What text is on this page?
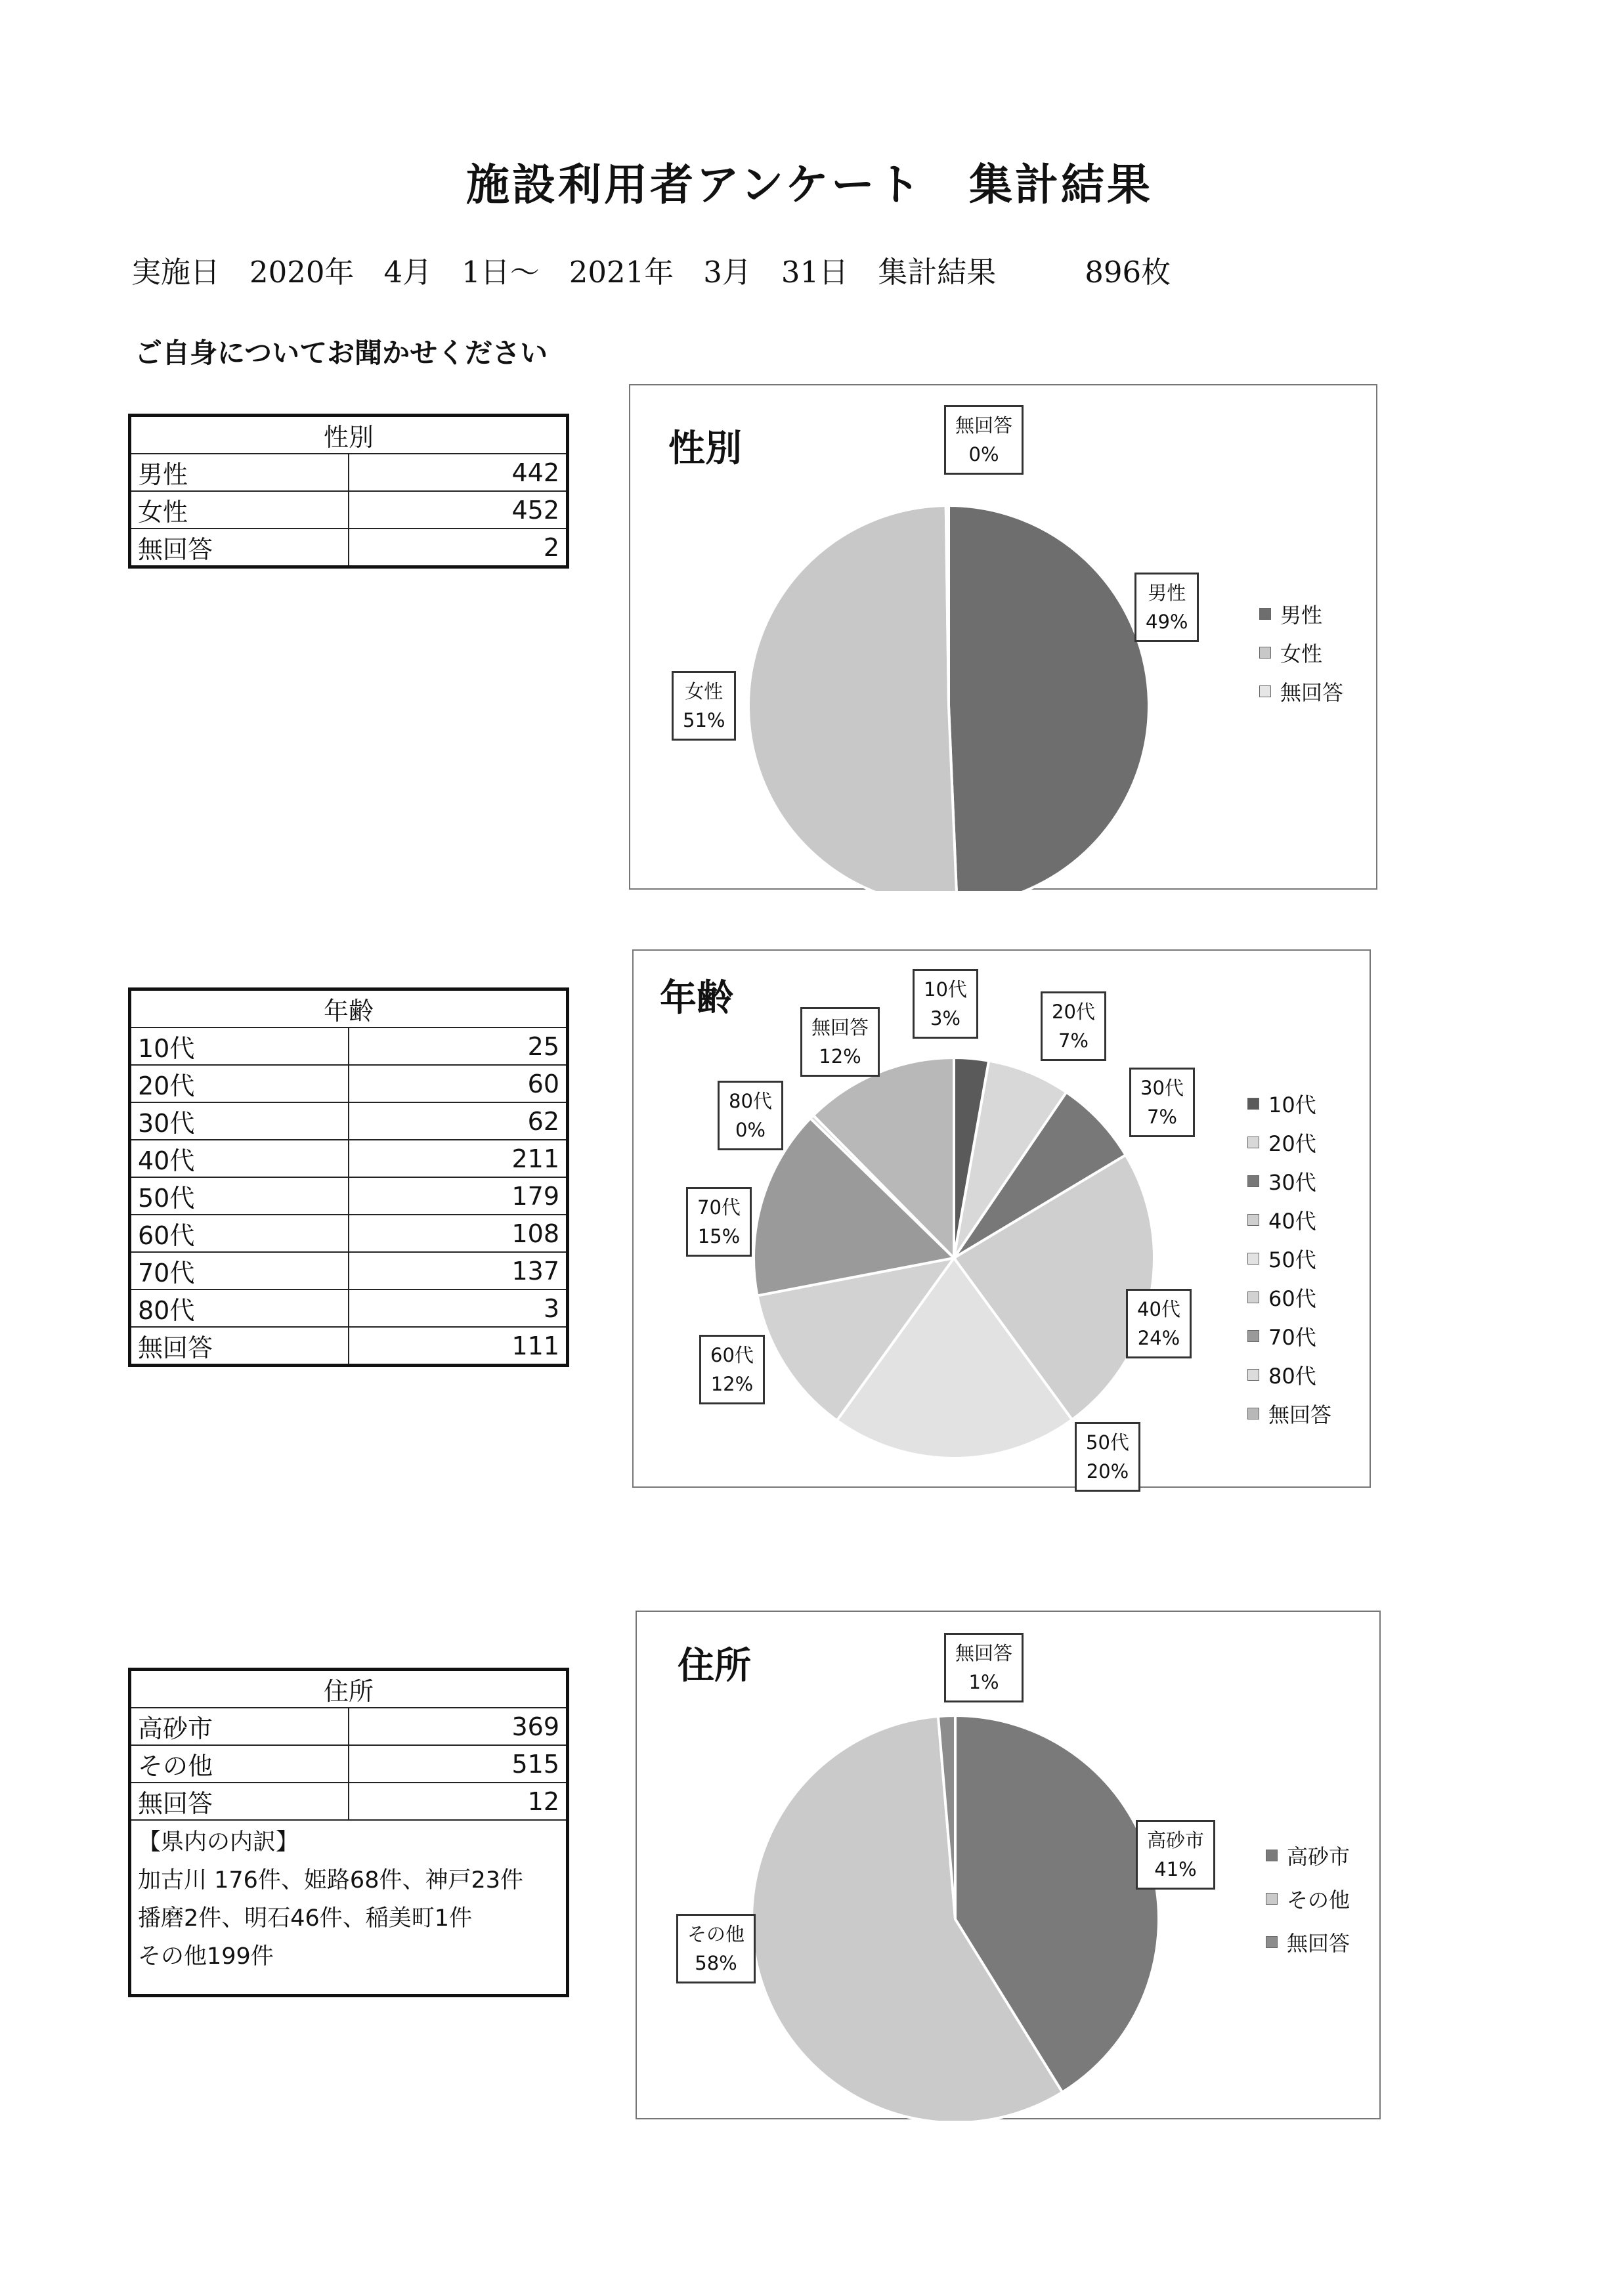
施設利用者アンケート　集計結果
実施日　2020年　4月　1日～　2021年　3月　31日　集計結果　　　896枚
ご自身についてお聞かせください
性別	
男性	442
女性	452
無回答	2
年齢	
10代	25
20代	60
30代	62
40代	211
50代	179
60代	108
70代	137
80代	3
無回答	111
住所	
高砂市	369
その他	515
無回答	12

【県内の内訳】
加古川 176件、姫路68件、神戸23件
播磨2件、明石46件、稲美町1件
その他199件	
性別
男性
女性
無回答
無回答
0%
男性
49%
女性
51%
年齢
10代
20代
30代
40代
50代
60代
70代
80代
無回答
10代
3%	20代
7%
30代
7%
40代
24%
50代
20%
60代
12%
70代
15%
80代
0%
無回答
12%
住所
高砂市
その他
無回答
無回答
1%
高砂市
41%
その他
58%
